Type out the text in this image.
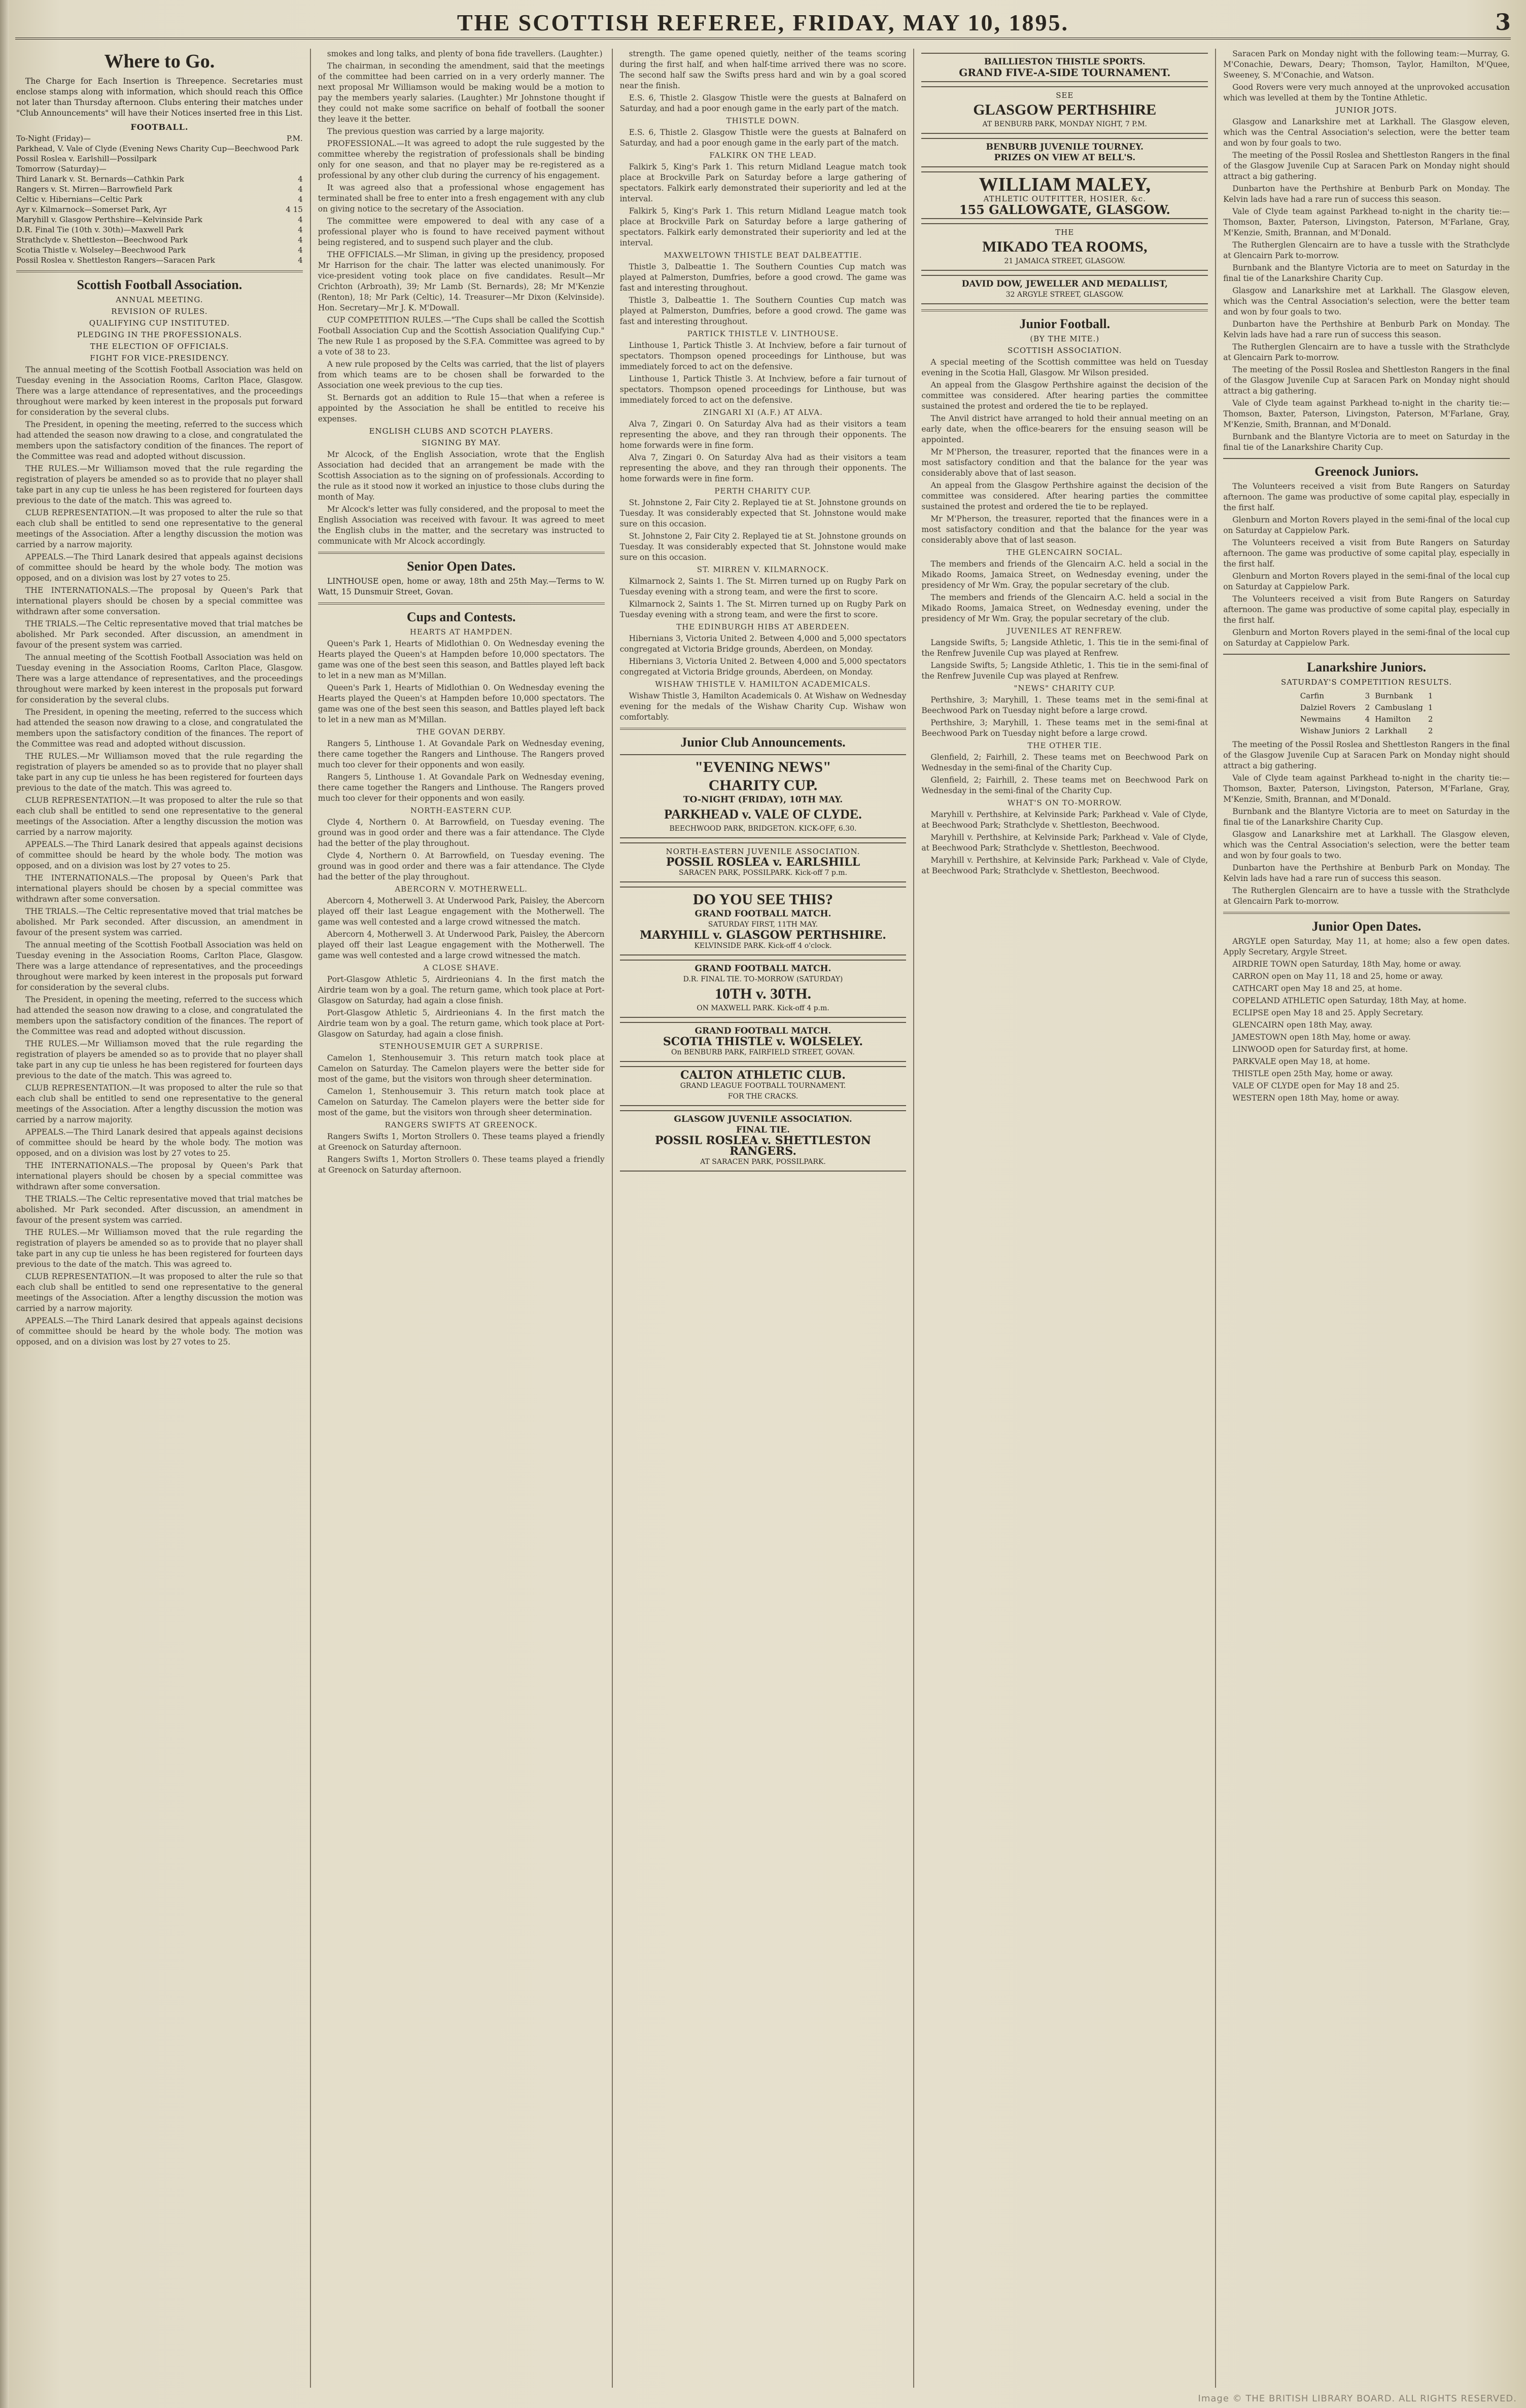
THE SCOTTISH REFEREE, FRIDAY, MAY 10, 1895.	3
Where to Go.

The Charge for Each Insertion is Threepence. Secretaries must enclose stamps along with information, which should reach this Office not later than Thursday afternoon. Clubs entering their matches under "Club Announcements" will have their Notices inserted free in this List.

FOOTBALL.
To-Night (Friday)—	P.M.
Parkhead, V. Vale of Clyde (Evening News Charity Cup—Beechwood Park
Possil Roslea v. Earlshill—Possilpark
Tomorrow (Saturday)—
Third Lanark v. St. Bernards—Cathkin Park	4
Rangers v. St. Mirren—Barrowfield Park	4
Celtic v. Hibernians—Celtic Park	4
Ayr v. Kilmarnock—Somerset Park, Ayr	4 15
Maryhill v. Glasgow Perthshire—Kelvinside Park	4
D.R. Final Tie (10th v. 30th)—Maxwell Park	4
Strathclyde v. Shettleston—Beechwood Park	4
Scotia Thistle v. Wolseley—Beechwood Park	4
Possil Roslea v. Shettleston Rangers—Saracen Park	4
Scottish Football Association.
ANNUAL MEETING.
REVISION OF RULES.
QUALIFYING CUP INSTITUTED.
PLEDGING IN THE PROFESSIONALS.
THE ELECTION OF OFFICIALS.
FIGHT FOR VICE-PRESIDENCY.

The annual meeting of the Scottish Football Association was held on Tuesday evening in the Association Rooms, Carlton Place, Glasgow. There was a large attendance of representatives, and the proceedings throughout were marked by keen interest in the proposals put forward for consideration by the several clubs.

The President, in opening the meeting, referred to the success which had attended the season now drawing to a close, and congratulated the members upon the satisfactory condition of the finances. The report of the Committee was read and adopted without discussion.

THE RULES.—Mr Williamson moved that the rule regarding the registration of players be amended so as to provide that no player shall take part in any cup tie unless he has been registered for fourteen days previous to the date of the match. This was agreed to.

CLUB REPRESENTATION.—It was proposed to alter the rule so that each club shall be entitled to send one representative to the general meetings of the Association. After a lengthy discussion the motion was carried by a narrow majority.

APPEALS.—The Third Lanark desired that appeals against decisions of committee should be heard by the whole body. The motion was opposed, and on a division was lost by 27 votes to 25.

THE INTERNATIONALS.—The proposal by Queen's Park that international players should be chosen by a special committee was withdrawn after some conversation.

THE TRIALS.—The Celtic representative moved that trial matches be abolished. Mr Park seconded. After discussion, an amendment in favour of the present system was carried.

The annual meeting of the Scottish Football Association was held on Tuesday evening in the Association Rooms, Carlton Place, Glasgow. There was a large attendance of representatives, and the proceedings throughout were marked by keen interest in the proposals put forward for consideration by the several clubs.

The President, in opening the meeting, referred to the success which had attended the season now drawing to a close, and congratulated the members upon the satisfactory condition of the finances. The report of the Committee was read and adopted without discussion.

THE RULES.—Mr Williamson moved that the rule regarding the registration of players be amended so as to provide that no player shall take part in any cup tie unless he has been registered for fourteen days previous to the date of the match. This was agreed to.

CLUB REPRESENTATION.—It was proposed to alter the rule so that each club shall be entitled to send one representative to the general meetings of the Association. After a lengthy discussion the motion was carried by a narrow majority.

APPEALS.—The Third Lanark desired that appeals against decisions of committee should be heard by the whole body. The motion was opposed, and on a division was lost by 27 votes to 25.

THE INTERNATIONALS.—The proposal by Queen's Park that international players should be chosen by a special committee was withdrawn after some conversation.

THE TRIALS.—The Celtic representative moved that trial matches be abolished. Mr Park seconded. After discussion, an amendment in favour of the present system was carried.

The annual meeting of the Scottish Football Association was held on Tuesday evening in the Association Rooms, Carlton Place, Glasgow. There was a large attendance of representatives, and the proceedings throughout were marked by keen interest in the proposals put forward for consideration by the several clubs.

The President, in opening the meeting, referred to the success which had attended the season now drawing to a close, and congratulated the members upon the satisfactory condition of the finances. The report of the Committee was read and adopted without discussion.

THE RULES.—Mr Williamson moved that the rule regarding the registration of players be amended so as to provide that no player shall take part in any cup tie unless he has been registered for fourteen days previous to the date of the match. This was agreed to.

CLUB REPRESENTATION.—It was proposed to alter the rule so that each club shall be entitled to send one representative to the general meetings of the Association. After a lengthy discussion the motion was carried by a narrow majority.

APPEALS.—The Third Lanark desired that appeals against decisions of committee should be heard by the whole body. The motion was opposed, and on a division was lost by 27 votes to 25.

THE INTERNATIONALS.—The proposal by Queen's Park that international players should be chosen by a special committee was withdrawn after some conversation.

THE TRIALS.—The Celtic representative moved that trial matches be abolished. Mr Park seconded. After discussion, an amendment in favour of the present system was carried.

THE RULES.—Mr Williamson moved that the rule regarding the registration of players be amended so as to provide that no player shall take part in any cup tie unless he has been registered for fourteen days previous to the date of the match. This was agreed to.

CLUB REPRESENTATION.—It was proposed to alter the rule so that each club shall be entitled to send one representative to the general meetings of the Association. After a lengthy discussion the motion was carried by a narrow majority.

APPEALS.—The Third Lanark desired that appeals against decisions of committee should be heard by the whole body. The motion was opposed, and on a division was lost by 27 votes to 25.

smokes and long talks, and plenty of bona fide travellers. (Laughter.)

The chairman, in seconding the amendment, said that the meetings of the committee had been carried on in a very orderly manner. The next proposal Mr Williamson would be making would be a motion to pay the members yearly salaries. (Laughter.) Mr Johnstone thought if they could not make some sacrifice on behalf of football the sooner they leave it the better.

The previous question was carried by a large majority.

PROFESSIONAL.—It was agreed to adopt the rule suggested by the committee whereby the registration of professionals shall be binding only for one season, and that no player may be re-registered as a professional by any other club during the currency of his engagement.

It was agreed also that a professional whose engagement has terminated shall be free to enter into a fresh engagement with any club on giving notice to the secretary of the Association.

The committee were empowered to deal with any case of a professional player who is found to have received payment without being registered, and to suspend such player and the club.

THE OFFICIALS.—Mr Sliman, in giving up the presidency, proposed Mr Harrison for the chair. The latter was elected unanimously. For vice-president voting took place on five candidates. Result—Mr Crichton (Arbroath), 39; Mr Lamb (St. Bernards), 28; Mr M'Kenzie (Renton), 18; Mr Park (Celtic), 14. Treasurer—Mr Dixon (Kelvinside). Hon. Secretary—Mr J. K. M'Dowall.

CUP COMPETITION RULES.—"The Cups shall be called the Scottish Football Association Cup and the Scottish Association Qualifying Cup." The new Rule 1 as proposed by the S.F.A. Committee was agreed to by a vote of 38 to 23.

A new rule proposed by the Celts was carried, that the list of players from which teams are to be chosen shall be forwarded to the Association one week previous to the cup ties.

St. Bernards got an addition to Rule 15—that when a referee is appointed by the Association he shall be entitled to receive his expenses.

ENGLISH CLUBS AND SCOTCH PLAYERS.
SIGNING BY MAY.

Mr Alcock, of the English Association, wrote that the English Association had decided that an arrangement be made with the Scottish Association as to the signing on of professionals. According to the rule as it stood now it worked an injustice to those clubs during the month of May.

Mr Alcock's letter was fully considered, and the proposal to meet the English Association was received with favour. It was agreed to meet the English clubs in the matter, and the secretary was instructed to communicate with Mr Alcock accordingly.

Senior Open Dates.

LINTHOUSE open, home or away, 18th and 25th May.—Terms to W. Watt, 15 Dunsmuir Street, Govan.

Cups and Contests.
HEARTS AT HAMPDEN.

Queen's Park 1, Hearts of Midlothian 0. On Wednesday evening the Hearts played the Queen's at Hampden before 10,000 spectators. The game was one of the best seen this season, and Battles played left back to let in a new man as M'Millan.

Queen's Park 1, Hearts of Midlothian 0. On Wednesday evening the Hearts played the Queen's at Hampden before 10,000 spectators. The game was one of the best seen this season, and Battles played left back to let in a new man as M'Millan.

THE GOVAN DERBY.

Rangers 5, Linthouse 1. At Govandale Park on Wednesday evening, there came together the Rangers and Linthouse. The Rangers proved much too clever for their opponents and won easily.

Rangers 5, Linthouse 1. At Govandale Park on Wednesday evening, there came together the Rangers and Linthouse. The Rangers proved much too clever for their opponents and won easily.

NORTH-EASTERN CUP.

Clyde 4, Northern 0. At Barrowfield, on Tuesday evening. The ground was in good order and there was a fair attendance. The Clyde had the better of the play throughout.

Clyde 4, Northern 0. At Barrowfield, on Tuesday evening. The ground was in good order and there was a fair attendance. The Clyde had the better of the play throughout.

ABERCORN V. MOTHERWELL.

Abercorn 4, Motherwell 3. At Underwood Park, Paisley, the Abercorn played off their last League engagement with the Motherwell. The game was well contested and a large crowd witnessed the match.

Abercorn 4, Motherwell 3. At Underwood Park, Paisley, the Abercorn played off their last League engagement with the Motherwell. The game was well contested and a large crowd witnessed the match.

A CLOSE SHAVE.

Port-Glasgow Athletic 5, Airdrieonians 4. In the first match the Airdrie team won by a goal. The return game, which took place at Port-Glasgow on Saturday, had again a close finish.

Port-Glasgow Athletic 5, Airdrieonians 4. In the first match the Airdrie team won by a goal. The return game, which took place at Port-Glasgow on Saturday, had again a close finish.

STENHOUSEMUIR GET A SURPRISE.

Camelon 1, Stenhousemuir 3. This return match took place at Camelon on Saturday. The Camelon players were the better side for most of the game, but the visitors won through sheer determination.

Camelon 1, Stenhousemuir 3. This return match took place at Camelon on Saturday. The Camelon players were the better side for most of the game, but the visitors won through sheer determination.

RANGERS SWIFTS AT GREENOCK.

Rangers Swifts 1, Morton Strollers 0. These teams played a friendly at Greenock on Saturday afternoon.

Rangers Swifts 1, Morton Strollers 0. These teams played a friendly at Greenock on Saturday afternoon.

strength. The game opened quietly, neither of the teams scoring during the first half, and when half-time arrived there was no score. The second half saw the Swifts press hard and win by a goal scored near the finish.

E.S. 6, Thistle 2. Glasgow Thistle were the guests at Balnaferd on Saturday, and had a poor enough game in the early part of the match.

THISTLE DOWN.

E.S. 6, Thistle 2. Glasgow Thistle were the guests at Balnaferd on Saturday, and had a poor enough game in the early part of the match.

FALKIRK ON THE LEAD.

Falkirk 5, King's Park 1. This return Midland League match took place at Brockville Park on Saturday before a large gathering of spectators. Falkirk early demonstrated their superiority and led at the interval.

Falkirk 5, King's Park 1. This return Midland League match took place at Brockville Park on Saturday before a large gathering of spectators. Falkirk early demonstrated their superiority and led at the interval.

MAXWELTOWN THISTLE BEAT DALBEATTIE.

Thistle 3, Dalbeattie 1. The Southern Counties Cup match was played at Palmerston, Dumfries, before a good crowd. The game was fast and interesting throughout.

Thistle 3, Dalbeattie 1. The Southern Counties Cup match was played at Palmerston, Dumfries, before a good crowd. The game was fast and interesting throughout.

PARTICK THISTLE V. LINTHOUSE.

Linthouse 1, Partick Thistle 3. At Inchview, before a fair turnout of spectators. Thompson opened proceedings for Linthouse, but was immediately forced to act on the defensive.

Linthouse 1, Partick Thistle 3. At Inchview, before a fair turnout of spectators. Thompson opened proceedings for Linthouse, but was immediately forced to act on the defensive.

ZINGARI XI (A.F.) AT ALVA.

Alva 7, Zingari 0. On Saturday Alva had as their visitors a team representing the above, and they ran through their opponents. The home forwards were in fine form.

Alva 7, Zingari 0. On Saturday Alva had as their visitors a team representing the above, and they ran through their opponents. The home forwards were in fine form.

PERTH CHARITY CUP.

St. Johnstone 2, Fair City 2. Replayed tie at St. Johnstone grounds on Tuesday. It was considerably expected that St. Johnstone would make sure on this occasion.

St. Johnstone 2, Fair City 2. Replayed tie at St. Johnstone grounds on Tuesday. It was considerably expected that St. Johnstone would make sure on this occasion.

ST. MIRREN V. KILMARNOCK.

Kilmarnock 2, Saints 1. The St. Mirren turned up on Rugby Park on Tuesday evening with a strong team, and were the first to score.

Kilmarnock 2, Saints 1. The St. Mirren turned up on Rugby Park on Tuesday evening with a strong team, and were the first to score.

THE EDINBURGH HIBS AT ABERDEEN.

Hibernians 3, Victoria United 2. Between 4,000 and 5,000 spectators congregated at Victoria Bridge grounds, Aberdeen, on Monday.

Hibernians 3, Victoria United 2. Between 4,000 and 5,000 spectators congregated at Victoria Bridge grounds, Aberdeen, on Monday.

WISHAW THISTLE V. HAMILTON ACADEMICALS.

Wishaw Thistle 3, Hamilton Academicals 0. At Wishaw on Wednesday evening for the medals of the Wishaw Charity Cup. Wishaw won comfortably.

Junior Club Announcements.
"EVENING NEWS"
CHARITY CUP.
TO-NIGHT (FRIDAY), 10TH MAY.
PARKHEAD v. VALE OF CLYDE.
BEECHWOOD PARK, BRIDGETON. KICK-OFF, 6.30.
NORTH-EASTERN JUVENILE ASSOCIATION.
POSSIL ROSLEA v. EARLSHILL
SARACEN PARK, POSSILPARK. Kick-off 7 p.m.
DO YOU SEE THIS?
GRAND FOOTBALL MATCH.
SATURDAY FIRST, 11TH MAY.
MARYHILL v. GLASGOW PERTHSHIRE.
KELVINSIDE PARK. Kick-off 4 o'clock.
GRAND FOOTBALL MATCH.
D.R. FINAL TIE. TO-MORROW (SATURDAY)
10TH v. 30TH.
ON MAXWELL PARK. Kick-off 4 p.m.
GRAND FOOTBALL MATCH.
SCOTIA THISTLE v. WOLSELEY.
On BENBURB PARK, FAIRFIELD STREET, GOVAN.
CALTON ATHLETIC CLUB.
GRAND LEAGUE FOOTBALL TOURNAMENT.
FOR THE CRACKS.
GLASGOW JUVENILE ASSOCIATION.
FINAL TIE.
POSSIL ROSLEA v. SHETTLESTON RANGERS.
AT SARACEN PARK, POSSILPARK.
BAILLIESTON THISTLE SPORTS.
GRAND FIVE-A-SIDE TOURNAMENT.
SEE
GLASGOW PERTHSHIRE
AT BENBURB PARK, MONDAY NIGHT, 7 P.M.
BENBURB JUVENILE TOURNEY.
PRIZES ON VIEW AT BELL'S.
WILLIAM MALEY,
ATHLETIC OUTFITTER, HOSIER, &c.
155 GALLOWGATE, GLASGOW.
THE
MIKADO TEA ROOMS,
21 JAMAICA STREET, GLASGOW.
DAVID DOW, JEWELLER AND MEDALLIST,
32 ARGYLE STREET, GLASGOW.
Junior Football.
(BY THE MITE.)
SCOTTISH ASSOCIATION.

A special meeting of the Scottish committee was held on Tuesday evening in the Scotia Hall, Glasgow. Mr Wilson presided.

An appeal from the Glasgow Perthshire against the decision of the committee was considered. After hearing parties the committee sustained the protest and ordered the tie to be replayed.

The Anvil district have arranged to hold their annual meeting on an early date, when the office-bearers for the ensuing season will be appointed.

Mr M'Pherson, the treasurer, reported that the finances were in a most satisfactory condition and that the balance for the year was considerably above that of last season.

An appeal from the Glasgow Perthshire against the decision of the committee was considered. After hearing parties the committee sustained the protest and ordered the tie to be replayed.

Mr M'Pherson, the treasurer, reported that the finances were in a most satisfactory condition and that the balance for the year was considerably above that of last season.

THE GLENCAIRN SOCIAL.

The members and friends of the Glencairn A.C. held a social in the Mikado Rooms, Jamaica Street, on Wednesday evening, under the presidency of Mr Wm. Gray, the popular secretary of the club.

The members and friends of the Glencairn A.C. held a social in the Mikado Rooms, Jamaica Street, on Wednesday evening, under the presidency of Mr Wm. Gray, the popular secretary of the club.

JUVENILES AT RENFREW.

Langside Swifts, 5; Langside Athletic, 1. This tie in the semi-final of the Renfrew Juvenile Cup was played at Renfrew.

Langside Swifts, 5; Langside Athletic, 1. This tie in the semi-final of the Renfrew Juvenile Cup was played at Renfrew.

"NEWS" CHARITY CUP.

Perthshire, 3; Maryhill, 1. These teams met in the semi-final at Beechwood Park on Tuesday night before a large crowd.

Perthshire, 3; Maryhill, 1. These teams met in the semi-final at Beechwood Park on Tuesday night before a large crowd.

THE OTHER TIE.

Glenfield, 2; Fairhill, 2. These teams met on Beechwood Park on Wednesday in the semi-final of the Charity Cup.

Glenfield, 2; Fairhill, 2. These teams met on Beechwood Park on Wednesday in the semi-final of the Charity Cup.

WHAT'S ON TO-MORROW.

Maryhill v. Perthshire, at Kelvinside Park; Parkhead v. Vale of Clyde, at Beechwood Park; Strathclyde v. Shettleston, Beechwood.

Maryhill v. Perthshire, at Kelvinside Park; Parkhead v. Vale of Clyde, at Beechwood Park; Strathclyde v. Shettleston, Beechwood.

Maryhill v. Perthshire, at Kelvinside Park; Parkhead v. Vale of Clyde, at Beechwood Park; Strathclyde v. Shettleston, Beechwood.

Saracen Park on Monday night with the following team:—Murray, G. M'Conachie, Dewars, Deary; Thomson, Taylor, Hamilton, M'Quee, Sweeney, S. M'Conachie, and Watson.

Good Rovers were very much annoyed at the unprovoked accusation which was levelled at them by the Tontine Athletic.

JUNIOR JOTS.

Glasgow and Lanarkshire met at Larkhall. The Glasgow eleven, which was the Central Association's selection, were the better team and won by four goals to two.

The meeting of the Possil Roslea and Shettleston Rangers in the final of the Glasgow Juvenile Cup at Saracen Park on Monday night should attract a big gathering.

Dunbarton have the Perthshire at Benburb Park on Monday. The Kelvin lads have had a rare run of success this season.

Vale of Clyde team against Parkhead to-night in the charity tie:—Thomson, Baxter, Paterson, Livingston, Paterson, M'Farlane, Gray, M'Kenzie, Smith, Brannan, and M'Donald.

The Rutherglen Glencairn are to have a tussle with the Strathclyde at Glencairn Park to-morrow.

Burnbank and the Blantyre Victoria are to meet on Saturday in the final tie of the Lanarkshire Charity Cup.

Glasgow and Lanarkshire met at Larkhall. The Glasgow eleven, which was the Central Association's selection, were the better team and won by four goals to two.

Dunbarton have the Perthshire at Benburb Park on Monday. The Kelvin lads have had a rare run of success this season.

The Rutherglen Glencairn are to have a tussle with the Strathclyde at Glencairn Park to-morrow.

The meeting of the Possil Roslea and Shettleston Rangers in the final of the Glasgow Juvenile Cup at Saracen Park on Monday night should attract a big gathering.

Vale of Clyde team against Parkhead to-night in the charity tie:—Thomson, Baxter, Paterson, Livingston, Paterson, M'Farlane, Gray, M'Kenzie, Smith, Brannan, and M'Donald.

Burnbank and the Blantyre Victoria are to meet on Saturday in the final tie of the Lanarkshire Charity Cup.

Greenock Juniors.

The Volunteers received a visit from Bute Rangers on Saturday afternoon. The game was productive of some capital play, especially in the first half.

Glenburn and Morton Rovers played in the semi-final of the local cup on Saturday at Cappielow Park.

The Volunteers received a visit from Bute Rangers on Saturday afternoon. The game was productive of some capital play, especially in the first half.

Glenburn and Morton Rovers played in the semi-final of the local cup on Saturday at Cappielow Park.

The Volunteers received a visit from Bute Rangers on Saturday afternoon. The game was productive of some capital play, especially in the first half.

Glenburn and Morton Rovers played in the semi-final of the local cup on Saturday at Cappielow Park.

Lanarkshire Juniors.
SATURDAY'S COMPETITION RESULTS.
Carfin	3	Burnbank	1
Dalziel Rovers	2	Cambuslang	1
Newmains	4	Hamilton	2
Wishaw Juniors	2	Larkhall	2

The meeting of the Possil Roslea and Shettleston Rangers in the final of the Glasgow Juvenile Cup at Saracen Park on Monday night should attract a big gathering.

Vale of Clyde team against Parkhead to-night in the charity tie:—Thomson, Baxter, Paterson, Livingston, Paterson, M'Farlane, Gray, M'Kenzie, Smith, Brannan, and M'Donald.

Burnbank and the Blantyre Victoria are to meet on Saturday in the final tie of the Lanarkshire Charity Cup.

Glasgow and Lanarkshire met at Larkhall. The Glasgow eleven, which was the Central Association's selection, were the better team and won by four goals to two.

Dunbarton have the Perthshire at Benburb Park on Monday. The Kelvin lads have had a rare run of success this season.

The Rutherglen Glencairn are to have a tussle with the Strathclyde at Glencairn Park to-morrow.

Junior Open Dates.

ARGYLE open Saturday, May 11, at home; also a few open dates. Apply Secretary, Argyle Street.

AIRDRIE TOWN open Saturday, 18th May, home or away.

CARRON open on May 11, 18 and 25, home or away.

CATHCART open May 18 and 25, at home.

COPELAND ATHLETIC open Saturday, 18th May, at home.

ECLIPSE open May 18 and 25. Apply Secretary.

GLENCAIRN open 18th May, away.

JAMESTOWN open 18th May, home or away.

LINWOOD open for Saturday first, at home.

PARKVALE open May 18, at home.

THISTLE open 25th May, home or away.

VALE OF CLYDE open for May 18 and 25.

WESTERN open 18th May, home or away.

Image © THE BRITISH LIBRARY BOARD. ALL RIGHTS RESERVED.
